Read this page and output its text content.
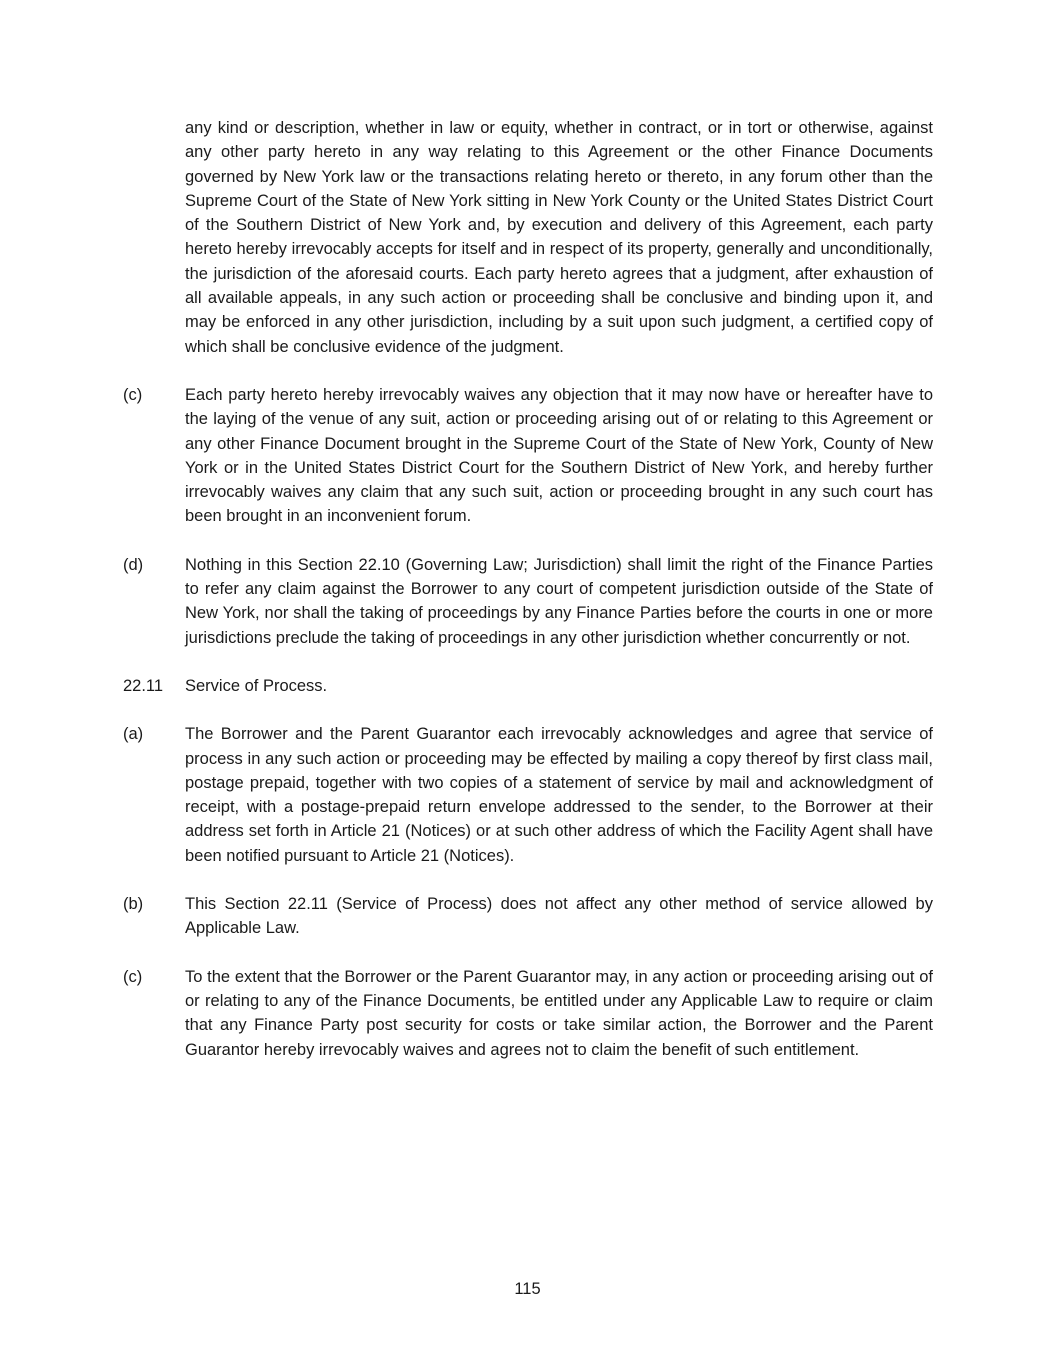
any kind or description, whether in law or equity, whether in contract, or in tort or otherwise, against any other party hereto in any way relating to this Agreement or the other Finance Documents governed by New York law or the transactions relating hereto or thereto, in any forum other than the Supreme Court of the State of New York sitting in New York County or the United States District Court of the Southern District of New York and, by execution and delivery of this Agreement, each party hereto hereby irrevocably accepts for itself and in respect of its property, generally and unconditionally, the jurisdiction of the aforesaid courts. Each party hereto agrees that a judgment, after exhaustion of all available appeals, in any such action or proceeding shall be conclusive and binding upon it, and may be enforced in any other jurisdiction, including by a suit upon such judgment, a certified copy of which shall be conclusive evidence of the judgment.
(c)	Each party hereto hereby irrevocably waives any objection that it may now have or hereafter have to the laying of the venue of any suit, action or proceeding arising out of or relating to this Agreement or any other Finance Document brought in the Supreme Court of the State of New York, County of New York or in the United States District Court for the Southern District of New York, and hereby further irrevocably waives any claim that any such suit, action or proceeding brought in any such court has been brought in an inconvenient forum.
(d)	Nothing in this Section 22.10 (Governing Law; Jurisdiction) shall limit the right of the Finance Parties to refer any claim against the Borrower to any court of competent jurisdiction outside of the State of New York, nor shall the taking of proceedings by any Finance Parties before the courts in one or more jurisdictions preclude the taking of proceedings in any other jurisdiction whether concurrently or not.
22.11	Service of Process.
(a)	The Borrower and the Parent Guarantor each irrevocably acknowledges and agree that service of process in any such action or proceeding may be effected by mailing a copy thereof by first class mail, postage prepaid, together with two copies of a statement of service by mail and acknowledgment of receipt, with a postage-prepaid return envelope addressed to the sender, to the Borrower at their address set forth in Article 21 (Notices) or at such other address of which the Facility Agent shall have been notified pursuant to Article 21 (Notices).
(b)	This Section 22.11 (Service of Process) does not affect any other method of service allowed by Applicable Law.
(c)	To the extent that the Borrower or the Parent Guarantor may, in any action or proceeding arising out of or relating to any of the Finance Documents, be entitled under any Applicable Law to require or claim that any Finance Party post security for costs or take similar action, the Borrower and the Parent Guarantor hereby irrevocably waives and agrees not to claim the benefit of such entitlement.
115
